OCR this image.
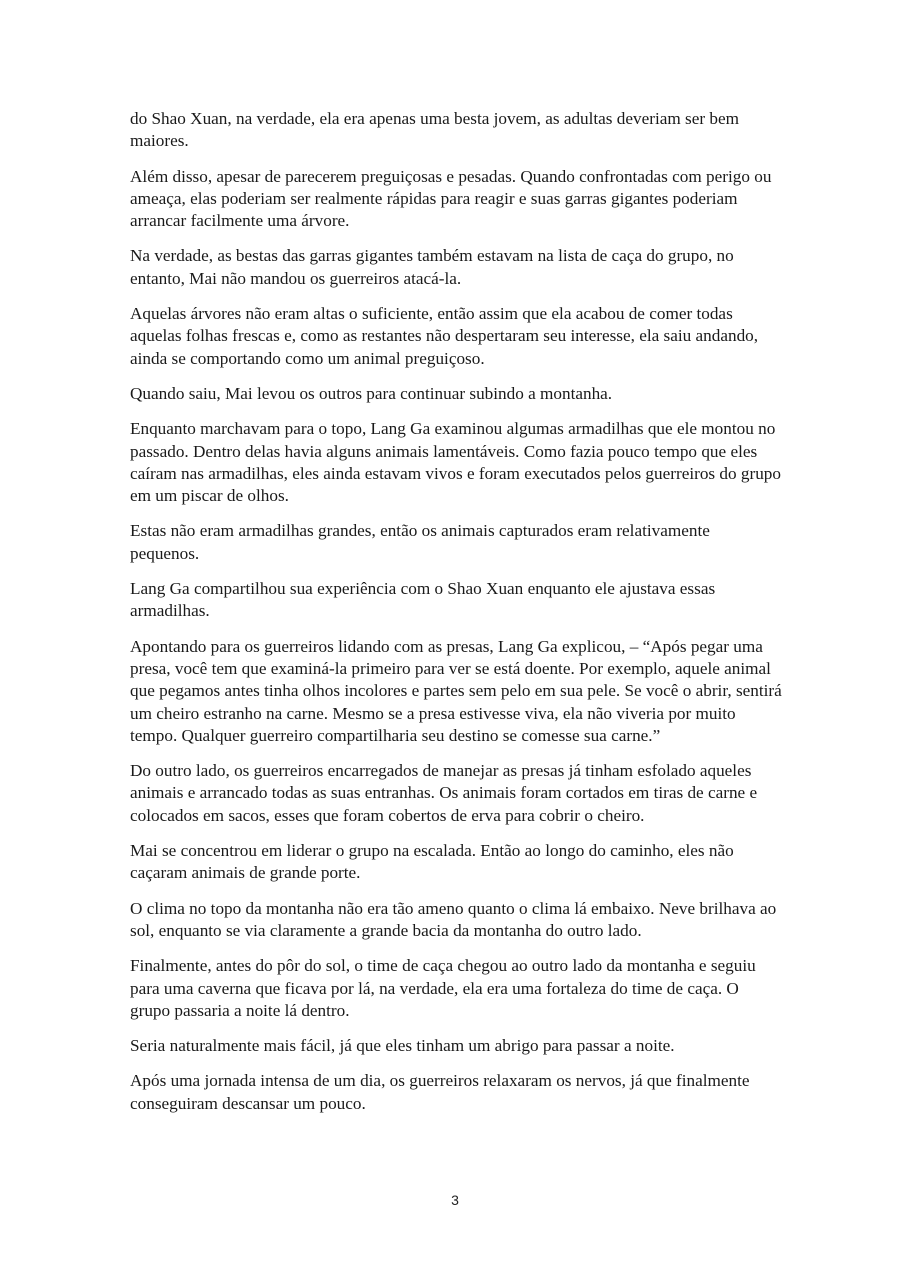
do Shao Xuan, na verdade, ela era apenas uma besta jovem, as adultas deveriam ser bem maiores.

Além disso, apesar de parecerem preguiçosas e pesadas. Quando confrontadas com perigo ou ameaça, elas poderiam ser realmente rápidas para reagir e suas garras gigantes poderiam arrancar facilmente uma árvore.

Na verdade, as bestas das garras gigantes também estavam na lista de caça do grupo, no entanto, Mai não mandou os guerreiros atacá-la.

Aquelas árvores não eram altas o suficiente, então assim que ela acabou de comer todas aquelas folhas frescas e, como as restantes não despertaram seu interesse, ela saiu andando, ainda se comportando como um animal preguiçoso.

Quando saiu, Mai levou os outros para continuar subindo a montanha.

Enquanto marchavam para o topo, Lang Ga examinou algumas armadilhas que ele montou no passado. Dentro delas havia alguns animais lamentáveis. Como fazia pouco tempo que eles caíram nas armadilhas, eles ainda estavam vivos e foram executados pelos guerreiros do grupo em um piscar de olhos.

Estas não eram armadilhas grandes, então os animais capturados eram relativamente pequenos.

Lang Ga compartilhou sua experiência com o Shao Xuan enquanto ele ajustava essas armadilhas.

Apontando para os guerreiros lidando com as presas, Lang Ga explicou, – “Após pegar uma presa, você tem que examiná-la primeiro para ver se está doente. Por exemplo, aquele animal que pegamos antes tinha olhos incolores e partes sem pelo em sua pele. Se você o abrir, sentirá um cheiro estranho na carne. Mesmo se a presa estivesse viva, ela não viveria por muito tempo. Qualquer guerreiro compartilharia seu destino se comesse sua carne.”

Do outro lado, os guerreiros encarregados de manejar as presas já tinham esfolado aqueles animais e arrancado todas as suas entranhas. Os animais foram cortados em tiras de carne e colocados em sacos, esses que foram cobertos de erva para cobrir o cheiro.

Mai se concentrou em liderar o grupo na escalada. Então ao longo do caminho, eles não caçaram animais de grande porte.

O clima no topo da montanha não era tão ameno quanto o clima lá embaixo. Neve brilhava ao sol, enquanto se via claramente a grande bacia da montanha do outro lado.

Finalmente, antes do pôr do sol, o time de caça chegou ao outro lado da montanha e seguiu para uma caverna que ficava por lá, na verdade, ela era uma fortaleza do time de caça. O grupo passaria a noite lá dentro.

Seria naturalmente mais fácil, já que eles tinham um abrigo para passar a noite.

Após uma jornada intensa de um dia, os guerreiros relaxaram os nervos, já que finalmente conseguiram descansar um pouco.

3
